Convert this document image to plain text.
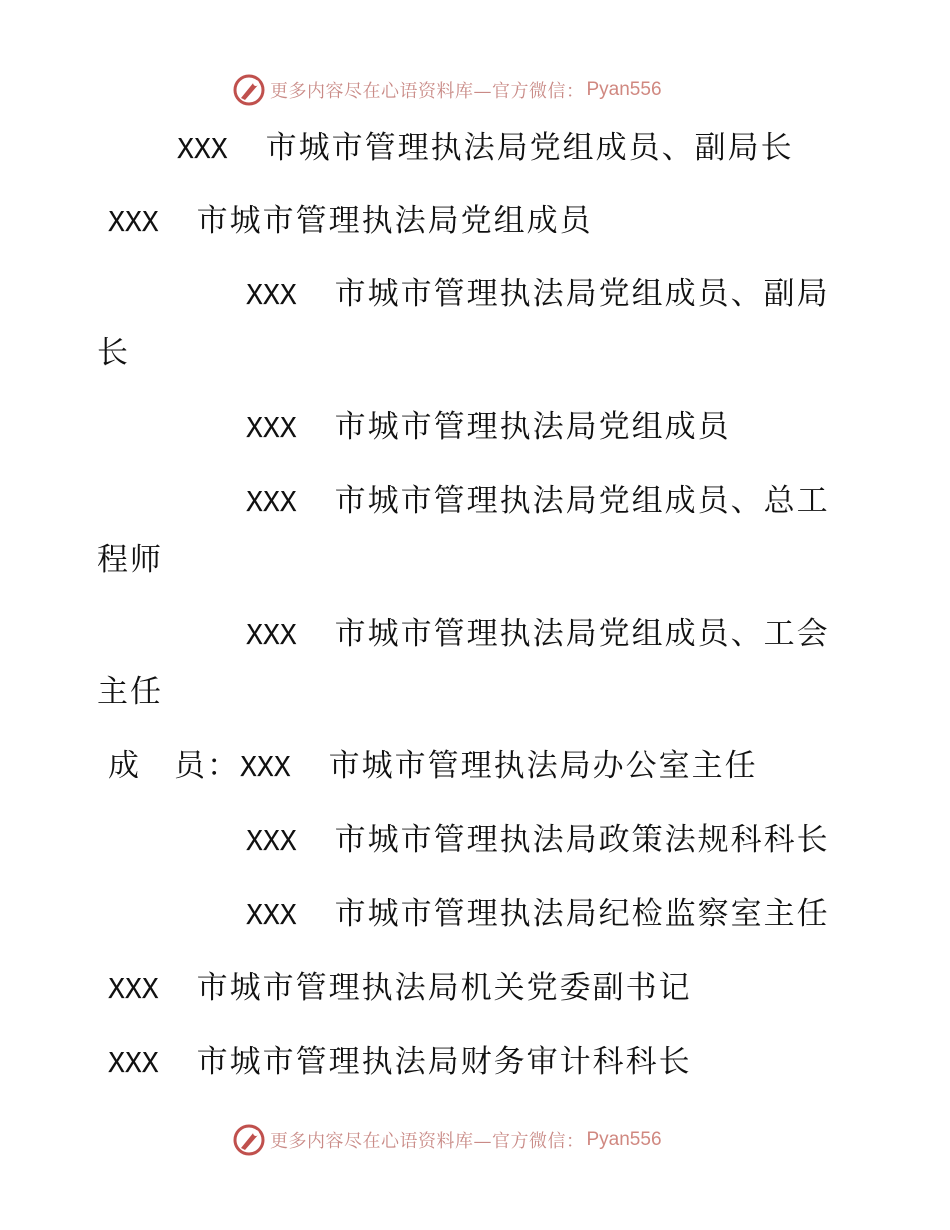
更多内容尽在心语资料库—官方微信： Pyan556
XXX 市城市管理执法局党组成员、副局长
XXX 市城市管理执法局党组成员
XXX 市城市管理执法局党组成员、副局
长
XXX 市城市管理执法局党组成员
XXX 市城市管理执法局党组成员、总工
程师
XXX 市城市管理执法局党组成员、工会
主任
成　员：XXX 市城市管理执法局办公室主任
XXX 市城市管理执法局政策法规科科长
XXX 市城市管理执法局纪检监察室主任
XXX 市城市管理执法局机关党委副书记
XXX 市城市管理执法局财务审计科科长
更多内容尽在心语资料库—官方微信： Pyan556
